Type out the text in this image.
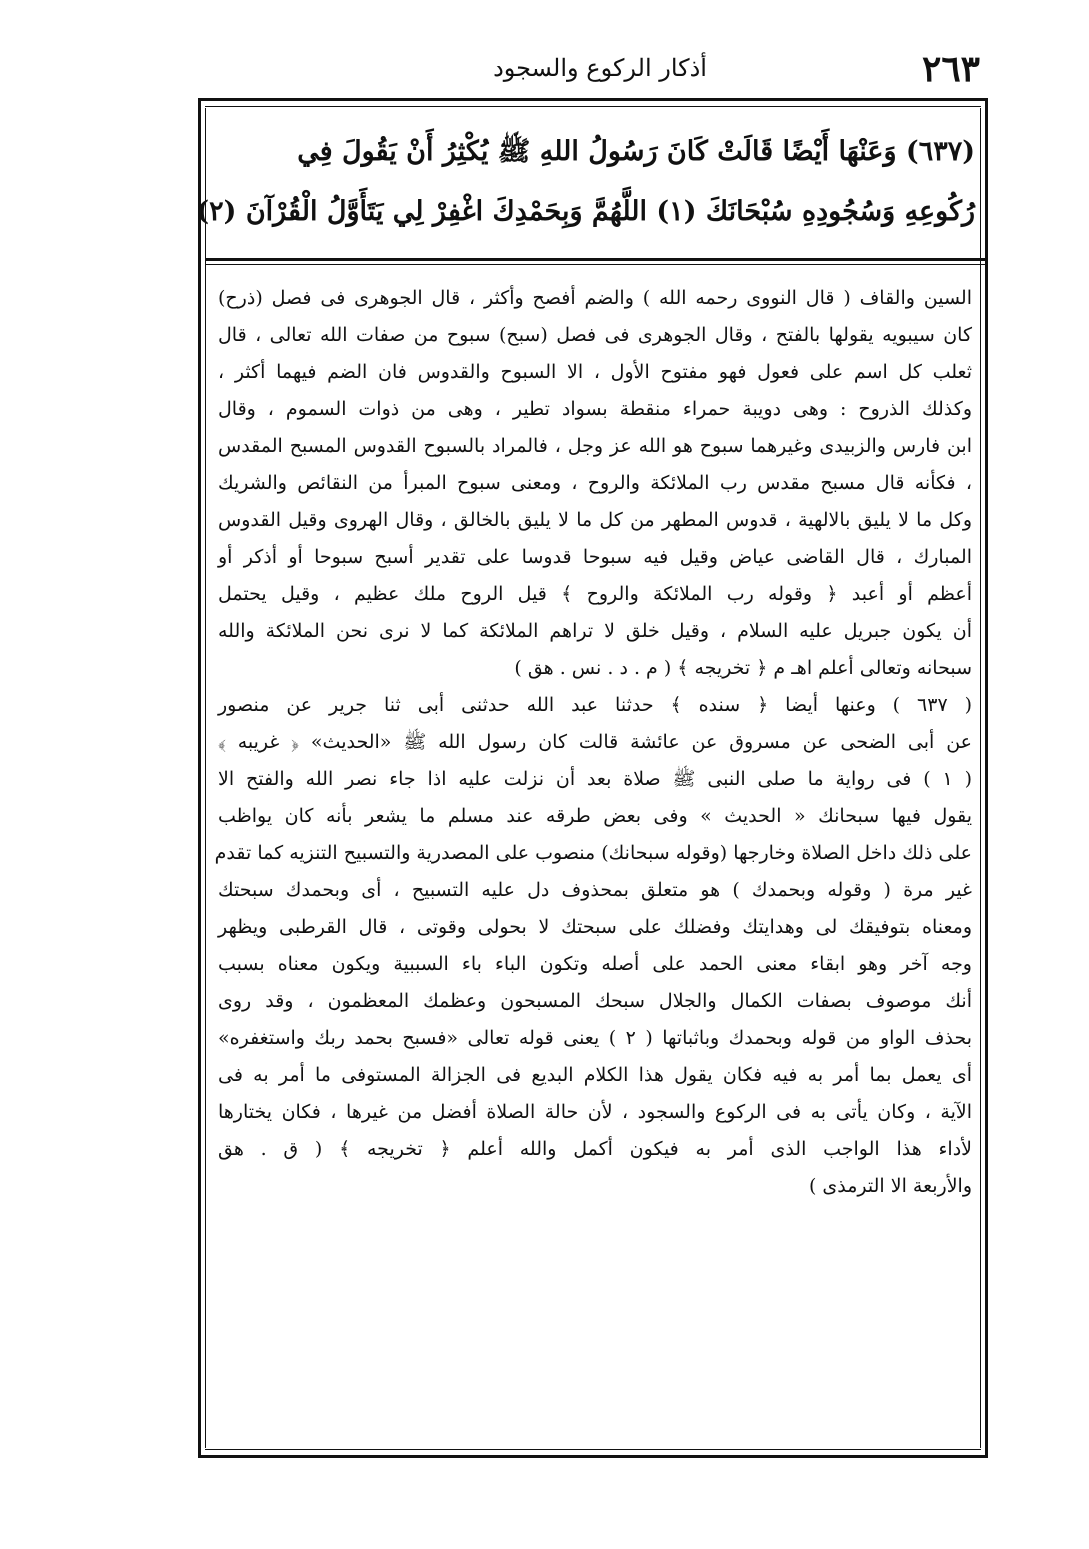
٢٦٣
أذكار الركوع والسجود
(٦٣٧) وَعَنْهَا أَيْضًا قَالَتْ كَانَ رَسُولُ اللهِ ﷺ يُكْثِرُ أَنْ يَقُولَ فِي
رُكُوعِهِ وَسُجُودِهِ سُبْحَانَكَ (١) اللَّهُمَّ وَبِحَمْدِكَ اغْفِرْ لِي يَتَأَوَّلُ الْقُرْآنَ (٢)
السين والقاف ( قال النووى رحمه الله ) والضم أفصح وأكثر ، قال الجوهرى فى فصل (ذرح)
كان سيبويه يقولها بالفتح ، وقال الجوهرى فى فصل (سبح) سبوح من صفات الله تعالى ، قال
ثعلب كل اسم على فعول فهو مفتوح الأول ، الا السبوح والقدوس فان الضم فيهما أكثر ،
وكذلك الذروح : وهى دويبة حمراء منقطة بسواد تطير ، وهى من ذوات السموم ، وقال
ابن فارس والزبيدى وغيرهما سبوح هو الله عز وجل ، فالمراد بالسبوح القدوس المسبح المقدس
، فكأنه قال مسبح مقدس رب الملائكة والروح ، ومعنى سبوح المبرأ من النقائص والشريك
وكل ما لا يليق بالالهية ، قدوس المطهر من كل ما لا يليق بالخالق ، وقال الهروى وقيل القدوس
المبارك ، قال القاضى عياض وقيل فيه سبوحا قدوسا على تقدير أسبح سبوحا أو أذكر أو
أعظم أو أعبد ﴿ وقوله رب الملائكة والروح ﴾ قيل الروح ملك عظيم ، وقيل يحتمل
أن يكون جبريل عليه السلام ، وقيل خلق لا تراهم الملائكة كما لا نرى نحن الملائكة والله
سبحانه وتعالى أعلم اهـ م ﴿ تخريجه ﴾ ( م . د . نس . هق )
( ٦٣٧ ) وعنها أيضا ﴿ سنده ﴾ حدثنا عبد الله حدثنى أبى ثنا جرير عن منصور
عن أبى الضحى عن مسروق عن عائشة قالت كان رسول الله ﷺ «الحديث» ﴿ غريبه ﴾
( ١ ) فى رواية ما صلى النبى ﷺ صلاة بعد أن نزلت عليه اذا جاء نصر الله والفتح الا
يقول فيها سبحانك « الحديث » وفى بعض طرقه عند مسلم ما يشعر بأنه كان يواظب
على ذلك داخل الصلاة وخارجها (وقوله سبحانك) منصوب على المصدرية والتسبيح التنزيه كما تقدم
غير مرة ( وقوله وبحمدك ) هو متعلق بمحذوف دل عليه التسبيح ، أى وبحمدك سبحتك
ومعناه بتوفيقك لى وهدايتك وفضلك على سبحتك لا بحولى وقوتى ، قال القرطبى ويظهر
وجه آخر وهو ابقاء معنى الحمد على أصله وتكون الباء باء السببية ويكون معناه بسبب
أنك موصوف بصفات الكمال والجلال سبحك المسبحون وعظمك المعظمون ، وقد روى
بحذف الواو من قوله وبحمدك وباثباتها ( ٢ ) يعنى قوله تعالى «فسبح بحمد ربك واستغفره»
أى يعمل بما أمر به فيه فكان يقول هذا الكلام البديع فى الجزالة المستوفى ما أمر به فى
الآية ، وكان يأتى به فى الركوع والسجود ، لأن حالة الصلاة أفضل من غيرها ، فكان يختارها
لأداء هذا الواجب الذى أمر به فيكون أكمل والله أعلم ﴿ تخريجه ﴾ ( ق . هق
والأربعة الا الترمذى )
